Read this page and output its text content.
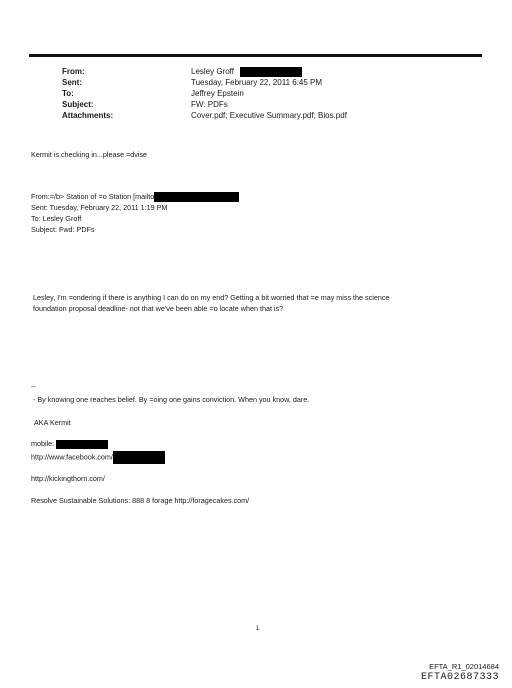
From:	Lesley Groff
Sent:	Tuesday, February 22, 2011 6:45 PM
To:	Jeffrey Epstein
Subject:	FW: PDFs
Attachments:	Cover.pdf; Executive Summary.pdf; Bios.pdf
Kermit is checking in...please =dvise
From:=/b> Station of =o Station [mailto
Sent: Tuesday, February 22, 2011 1:19 PM
To: Lesley Groff
Subject: Fwd: PDFs
Lesley, I'm =ondering if there is anything I can do on my end? Getting a bit worried that =e may miss the science
foundation proposal deadline- not that we've been able =o locate when that is?
--
- By knowing one reaches belief. By =oing one gains conviction. When you know, dare.
AKA Kermit
mobile:
http://www.facebook.com/
http://kickingthorn.com/
Resolve Sustainable Solutions: 888 8 forage http://foragecakes.com/
1
EFTA_R1_02014684
EFTA02687333
